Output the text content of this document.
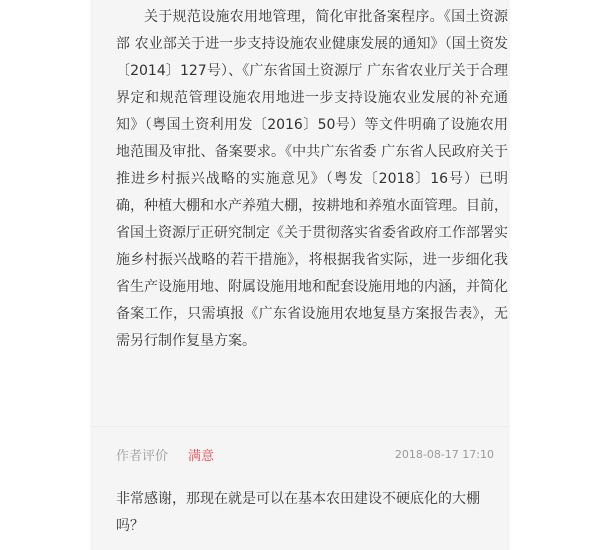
关于规范设施农用地管理，简化审批备案程序。《国土资源部 农业部关于进一步支持设施农业健康发展的通知》（国土资发〔2014〕127号）、《广东省国土资源厅 广东省农业厅关于合理界定和规范管理设施农用地进一步支持设施农业发展的补充通知》（粤国土资利用发〔2016〕50号）等文件明确了设施农用地范围及审批、备案要求。《中共广东省委 广东省人民政府关于推进乡村振兴战略的实施意见》（粤发〔2018〕16号）已明确，种植大棚和水产养殖大棚，按耕地和养殖水面管理。目前，省国土资源厅正研究制定《关于贯彻落实省委省政府工作部署实施乡村振兴战略的若干措施》，将根据我省实际，进一步细化我省生产设施用地、附属设施用地和配套设施用地的内涵，并简化备案工作，只需填报《广东省设施用农地复垦方案报告表》，无需另行制作复垦方案。

作者评价 满意	2018-08-17 17:10

非常感谢，那现在就是可以在基本农田建设不硬底化的大棚吗？
